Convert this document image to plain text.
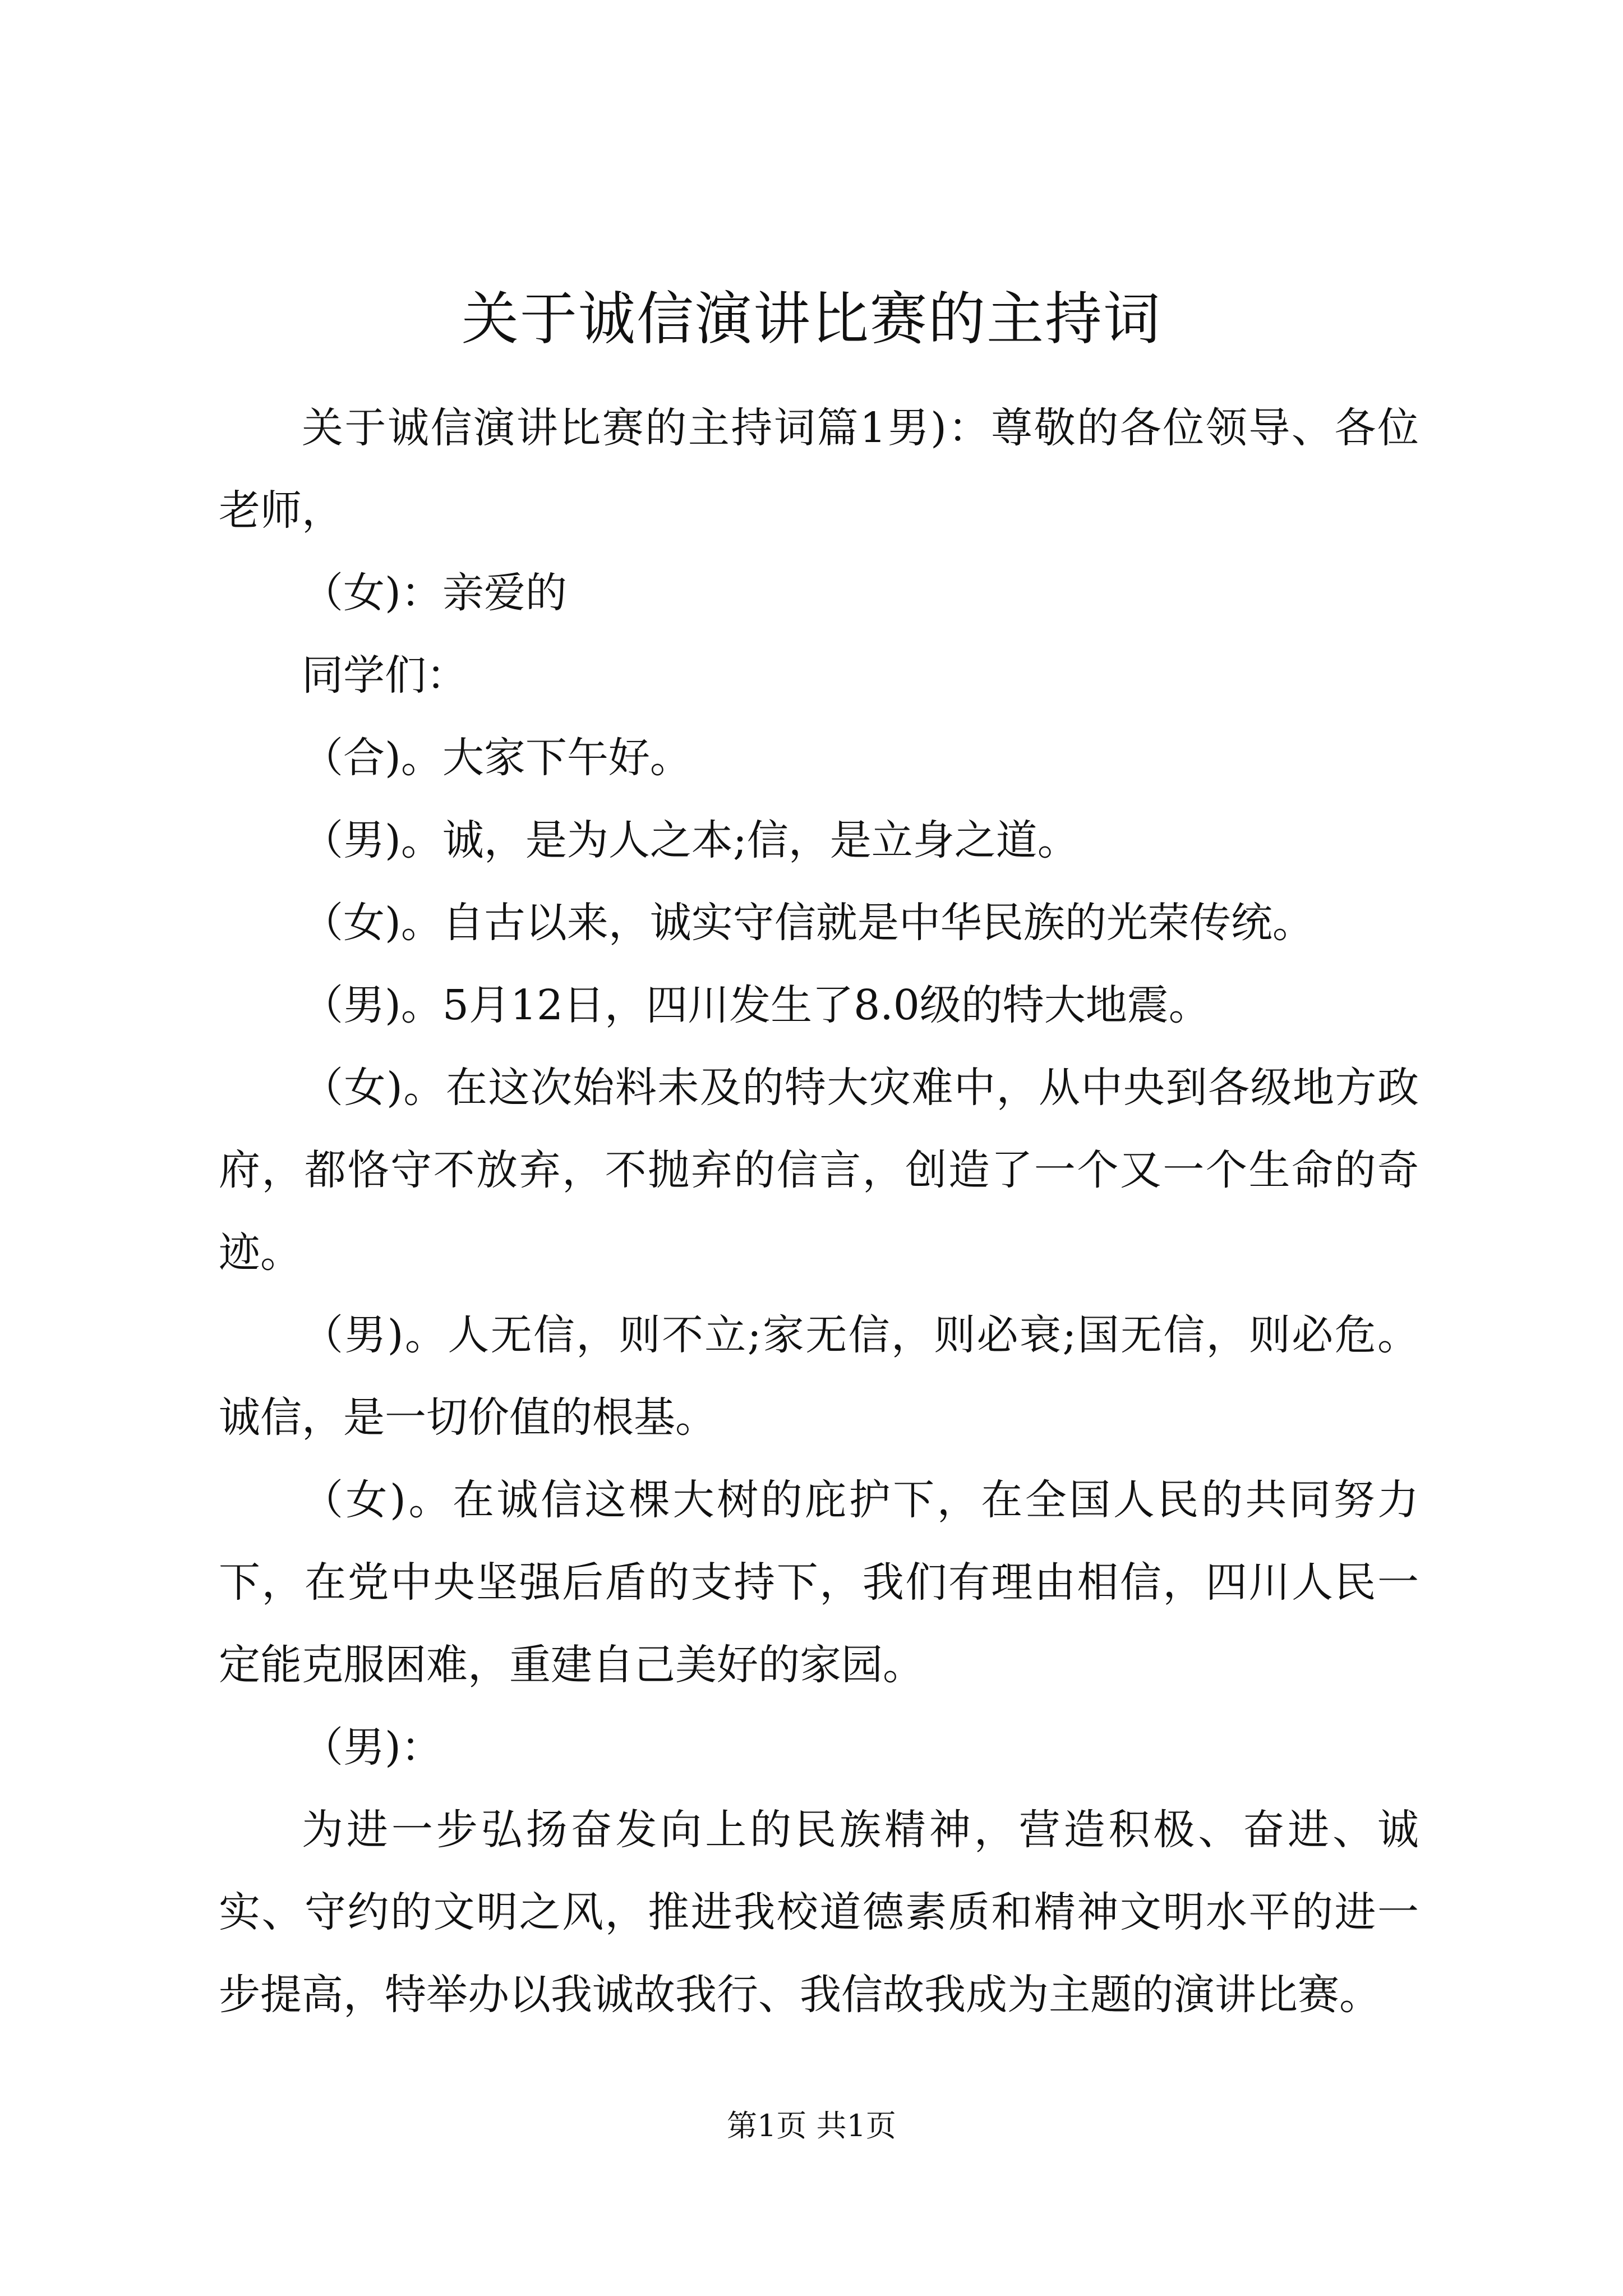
关于诚信演讲比赛的主持词

关于诚信演讲比赛的主持词篇1男)：尊敬的各位领导、各位老师，

（女)：亲爱的

同学们：

（合)。大家下午好。

（男)。诚，是为人之本;信，是立身之道。

（女)。自古以来，诚实守信就是中华民族的光荣传统。

（男)。5月12日，四川发生了8.0级的特大地震。

（女)。在这次始料未及的特大灾难中，从中央到各级地方政府，都恪守不放弃，不抛弃的信言，创造了一个又一个生命的奇迹。

（男)。人无信，则不立;家无信，则必衰;国无信，则必危。诚信，是一切价值的根基。

（女)。在诚信这棵大树的庇护下，在全国人民的共同努力下，在党中央坚强后盾的支持下，我们有理由相信，四川人民一定能克服困难，重建自己美好的家园。

（男)：

为进一步弘扬奋发向上的民族精神，营造积极、奋进、诚实、守约的文明之风，推进我校道德素质和精神文明水平的进一步提高，特举办以我诚故我行、我信故我成为主题的演讲比赛。

第1页 共1页
